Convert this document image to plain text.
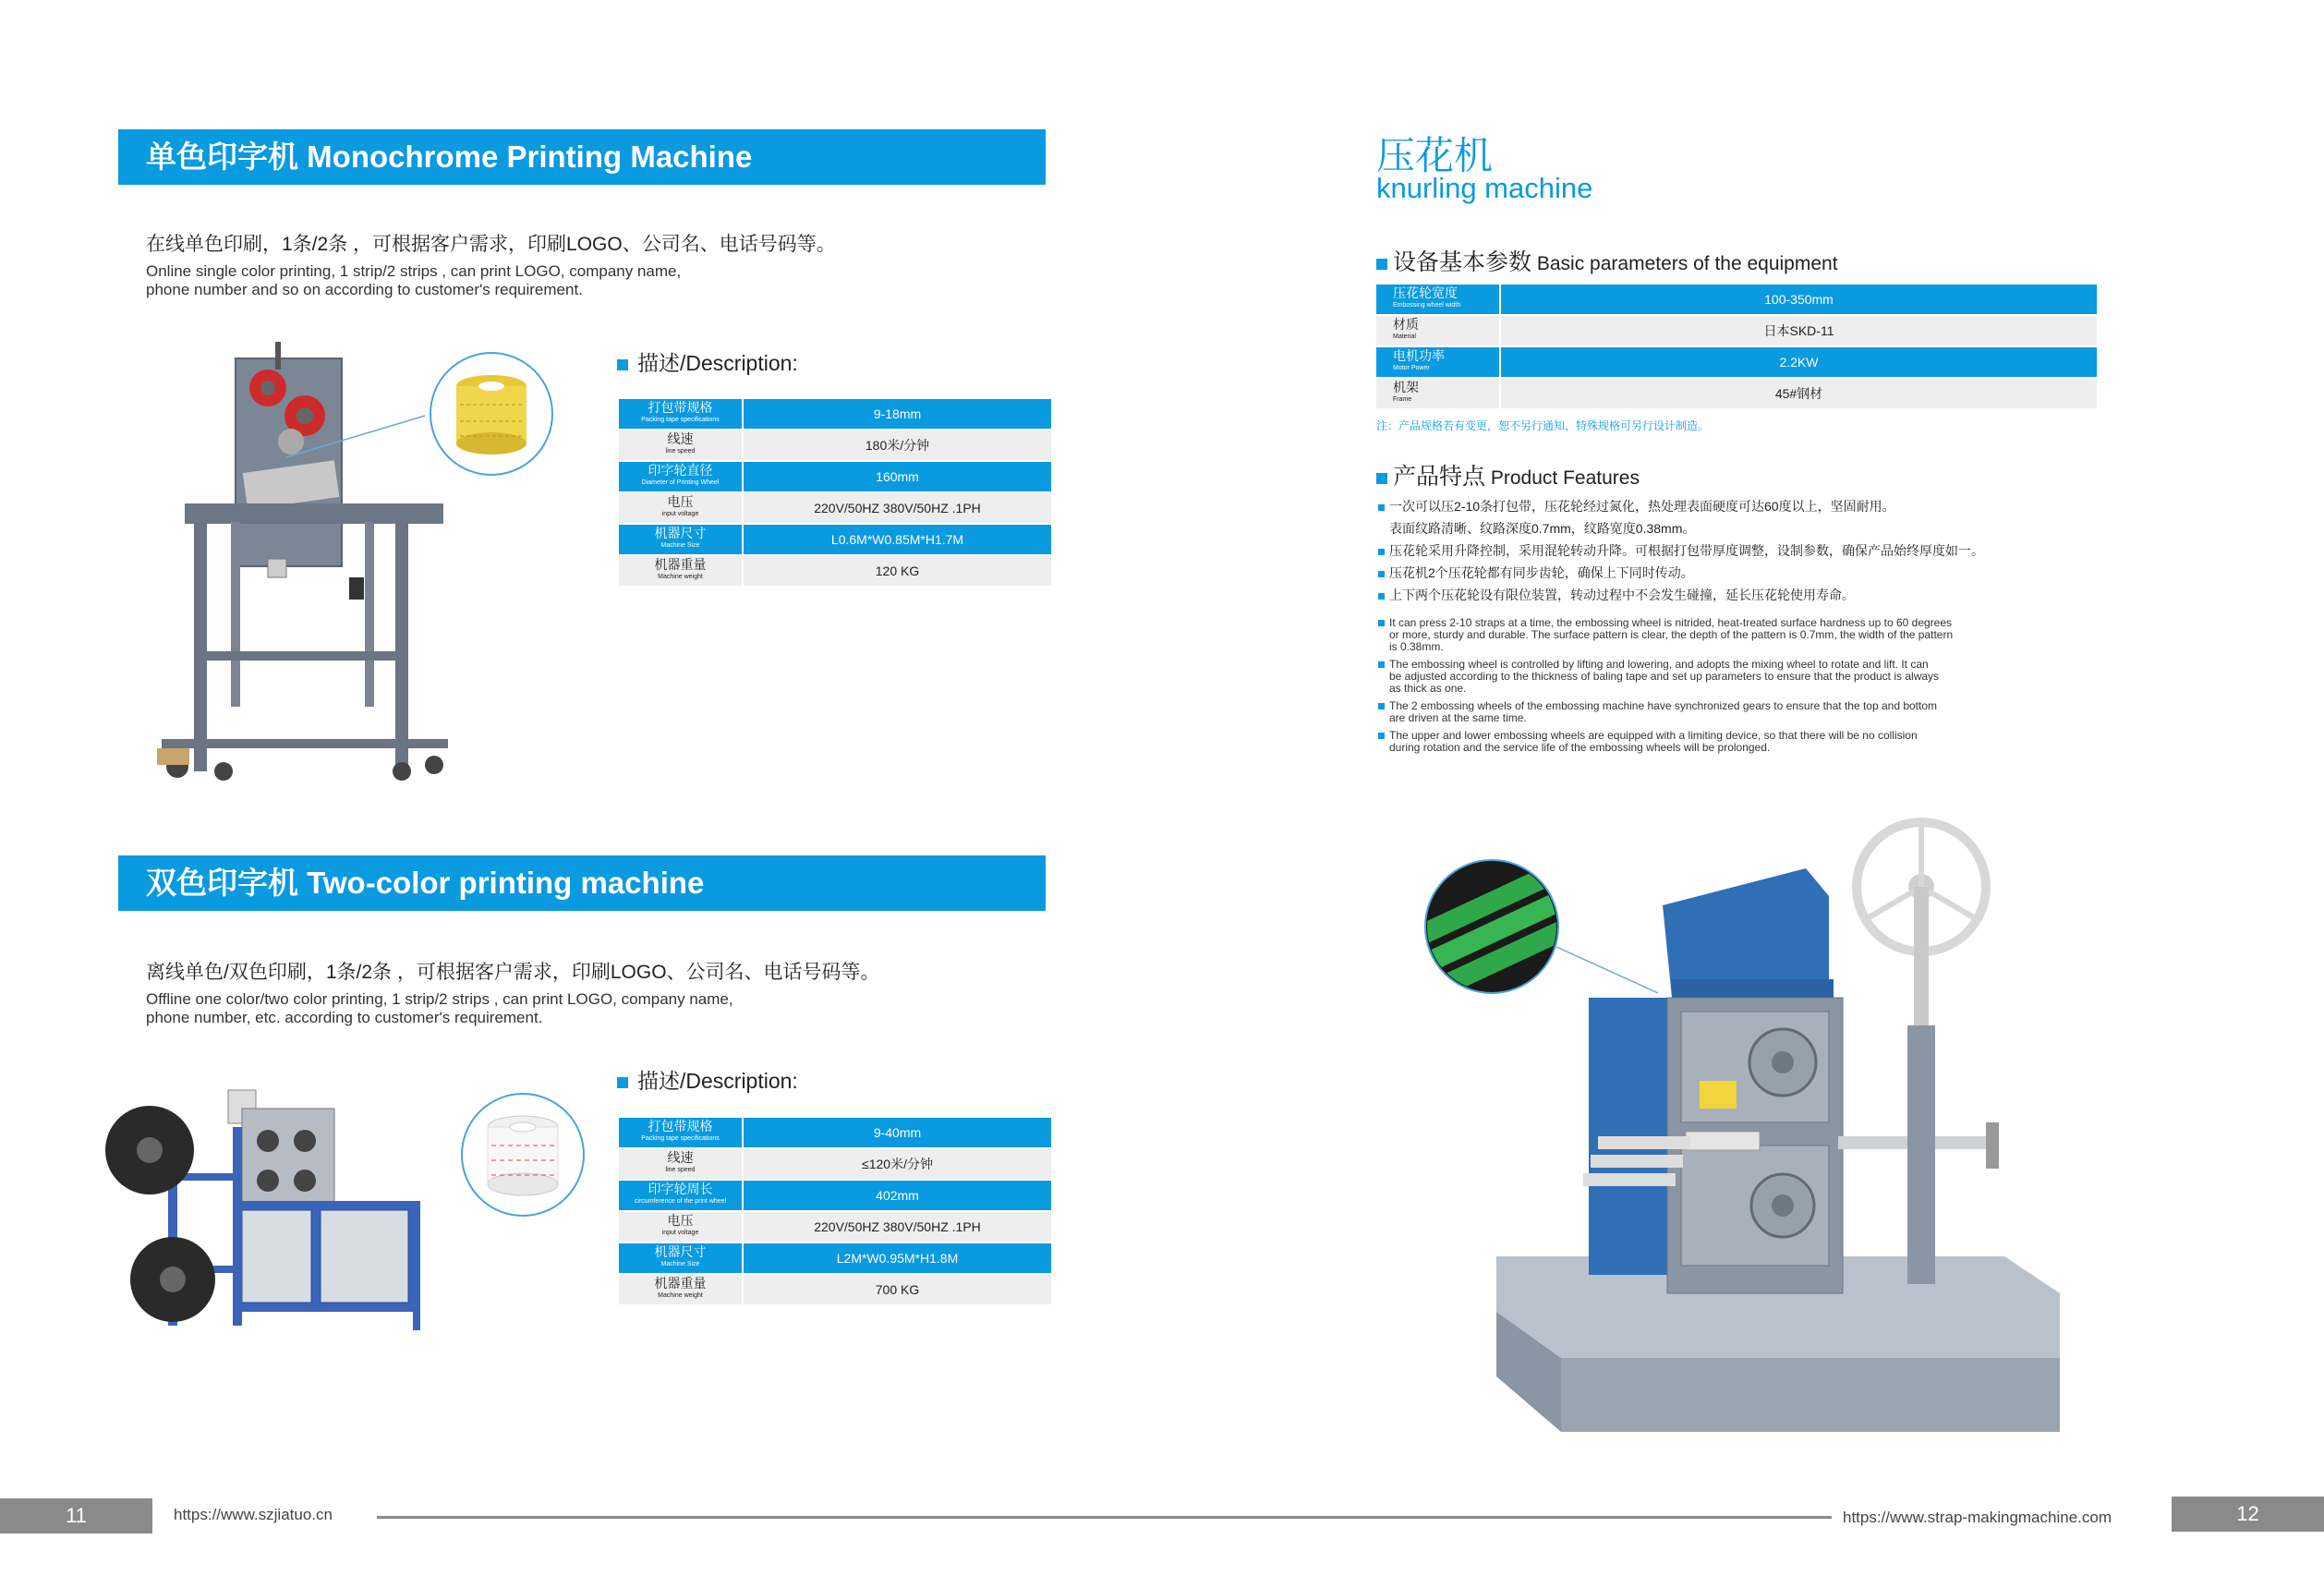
单色印字机 Monochrome Printing Machine
在线单色印刷，1条/2条 ，可根据客户需求，印刷LOGO、公司名、电话号码等。
Online single color printing, 1 strip/2 strips , can print LOGO, company name,
phone number and so on according to customer's requirement.
描述/Description:
打包带规格
Packing tape specifications	9-18mm

线速
line speed	180米/分钟

印字轮直径
Diameter of Printing Wheel	160mm

电压
input voltage	220V/50HZ 380V/50HZ .1PH

机器尺寸
Machine Size	L0.6M*W0.85M*H1.7M

机器重量
Machine weight	120 KG
双色印字机 Two-color printing machine
离线单色/双色印刷，1条/2条 ，可根据客户需求，印刷LOGO、公司名、电话号码等。
Offline one color/two color printing, 1 strip/2 strips , can print LOGO, company name,
phone number, etc. according to customer's requirement.
描述/Description:
打包带规格
Packing tape specifications	9-40mm

线速
line speed	≤120米/分钟

印字轮周长
circumference of the print wheel	402mm

电压
input voltage	220V/50HZ 380V/50HZ .1PH

机器尺寸
Machine Size	L2M*W0.95M*H1.8M

机器重量
Machine weight	700 KG
11	https://www.szjiatuo.cn
压花机
knurling machine
设备基本参数 Basic parameters of the equipment
压花轮宽度
Embossing wheel width	100-350mm

材质
Material	日本SKD-11

电机功率
Motor Power	2.2KW

机架
Frame	45#钢材
注：产品规格若有变更，恕不另行通知，特殊规格可另行设计制造。
产品特点 Product Features
一次可以压2-10条打包带，压花轮经过氮化，热处理表面硬度可达60度以上，坚固耐用。
表面纹路清晰、纹路深度0.7mm，纹路宽度0.38mm。
压花轮采用升降控制，采用混轮转动升降。可根据打包带厚度调整，设制参数，确保产品始终厚度如一。
压花机2个压花轮都有同步齿轮，确保上下同时传动。
上下两个压花轮设有限位装置，转动过程中不会发生碰撞，延长压花轮使用寿命。
It can press 2-10 straps at a time, the embossing wheel is nitrided, heat-treated surface hardness up to 60 degrees
or more, sturdy and durable. The surface pattern is clear, the depth of the pattern is 0.7mm, the width of the pattern
is 0.38mm.
The embossing wheel is controlled by lifting and lowering, and adopts the mixing wheel to rotate and lift. It can
be adjusted according to the thickness of baling tape and set up parameters to ensure that the product is always
as thick as one.
The 2 embossing wheels of the embossing machine have synchronized gears to ensure that the top and bottom
are driven at the same time.
The upper and lower embossing wheels are equipped with a limiting device, so that there will be no collision
during rotation and the service life of the embossing wheels will be prolonged.
https://www.strap-makingmachine.com	12
